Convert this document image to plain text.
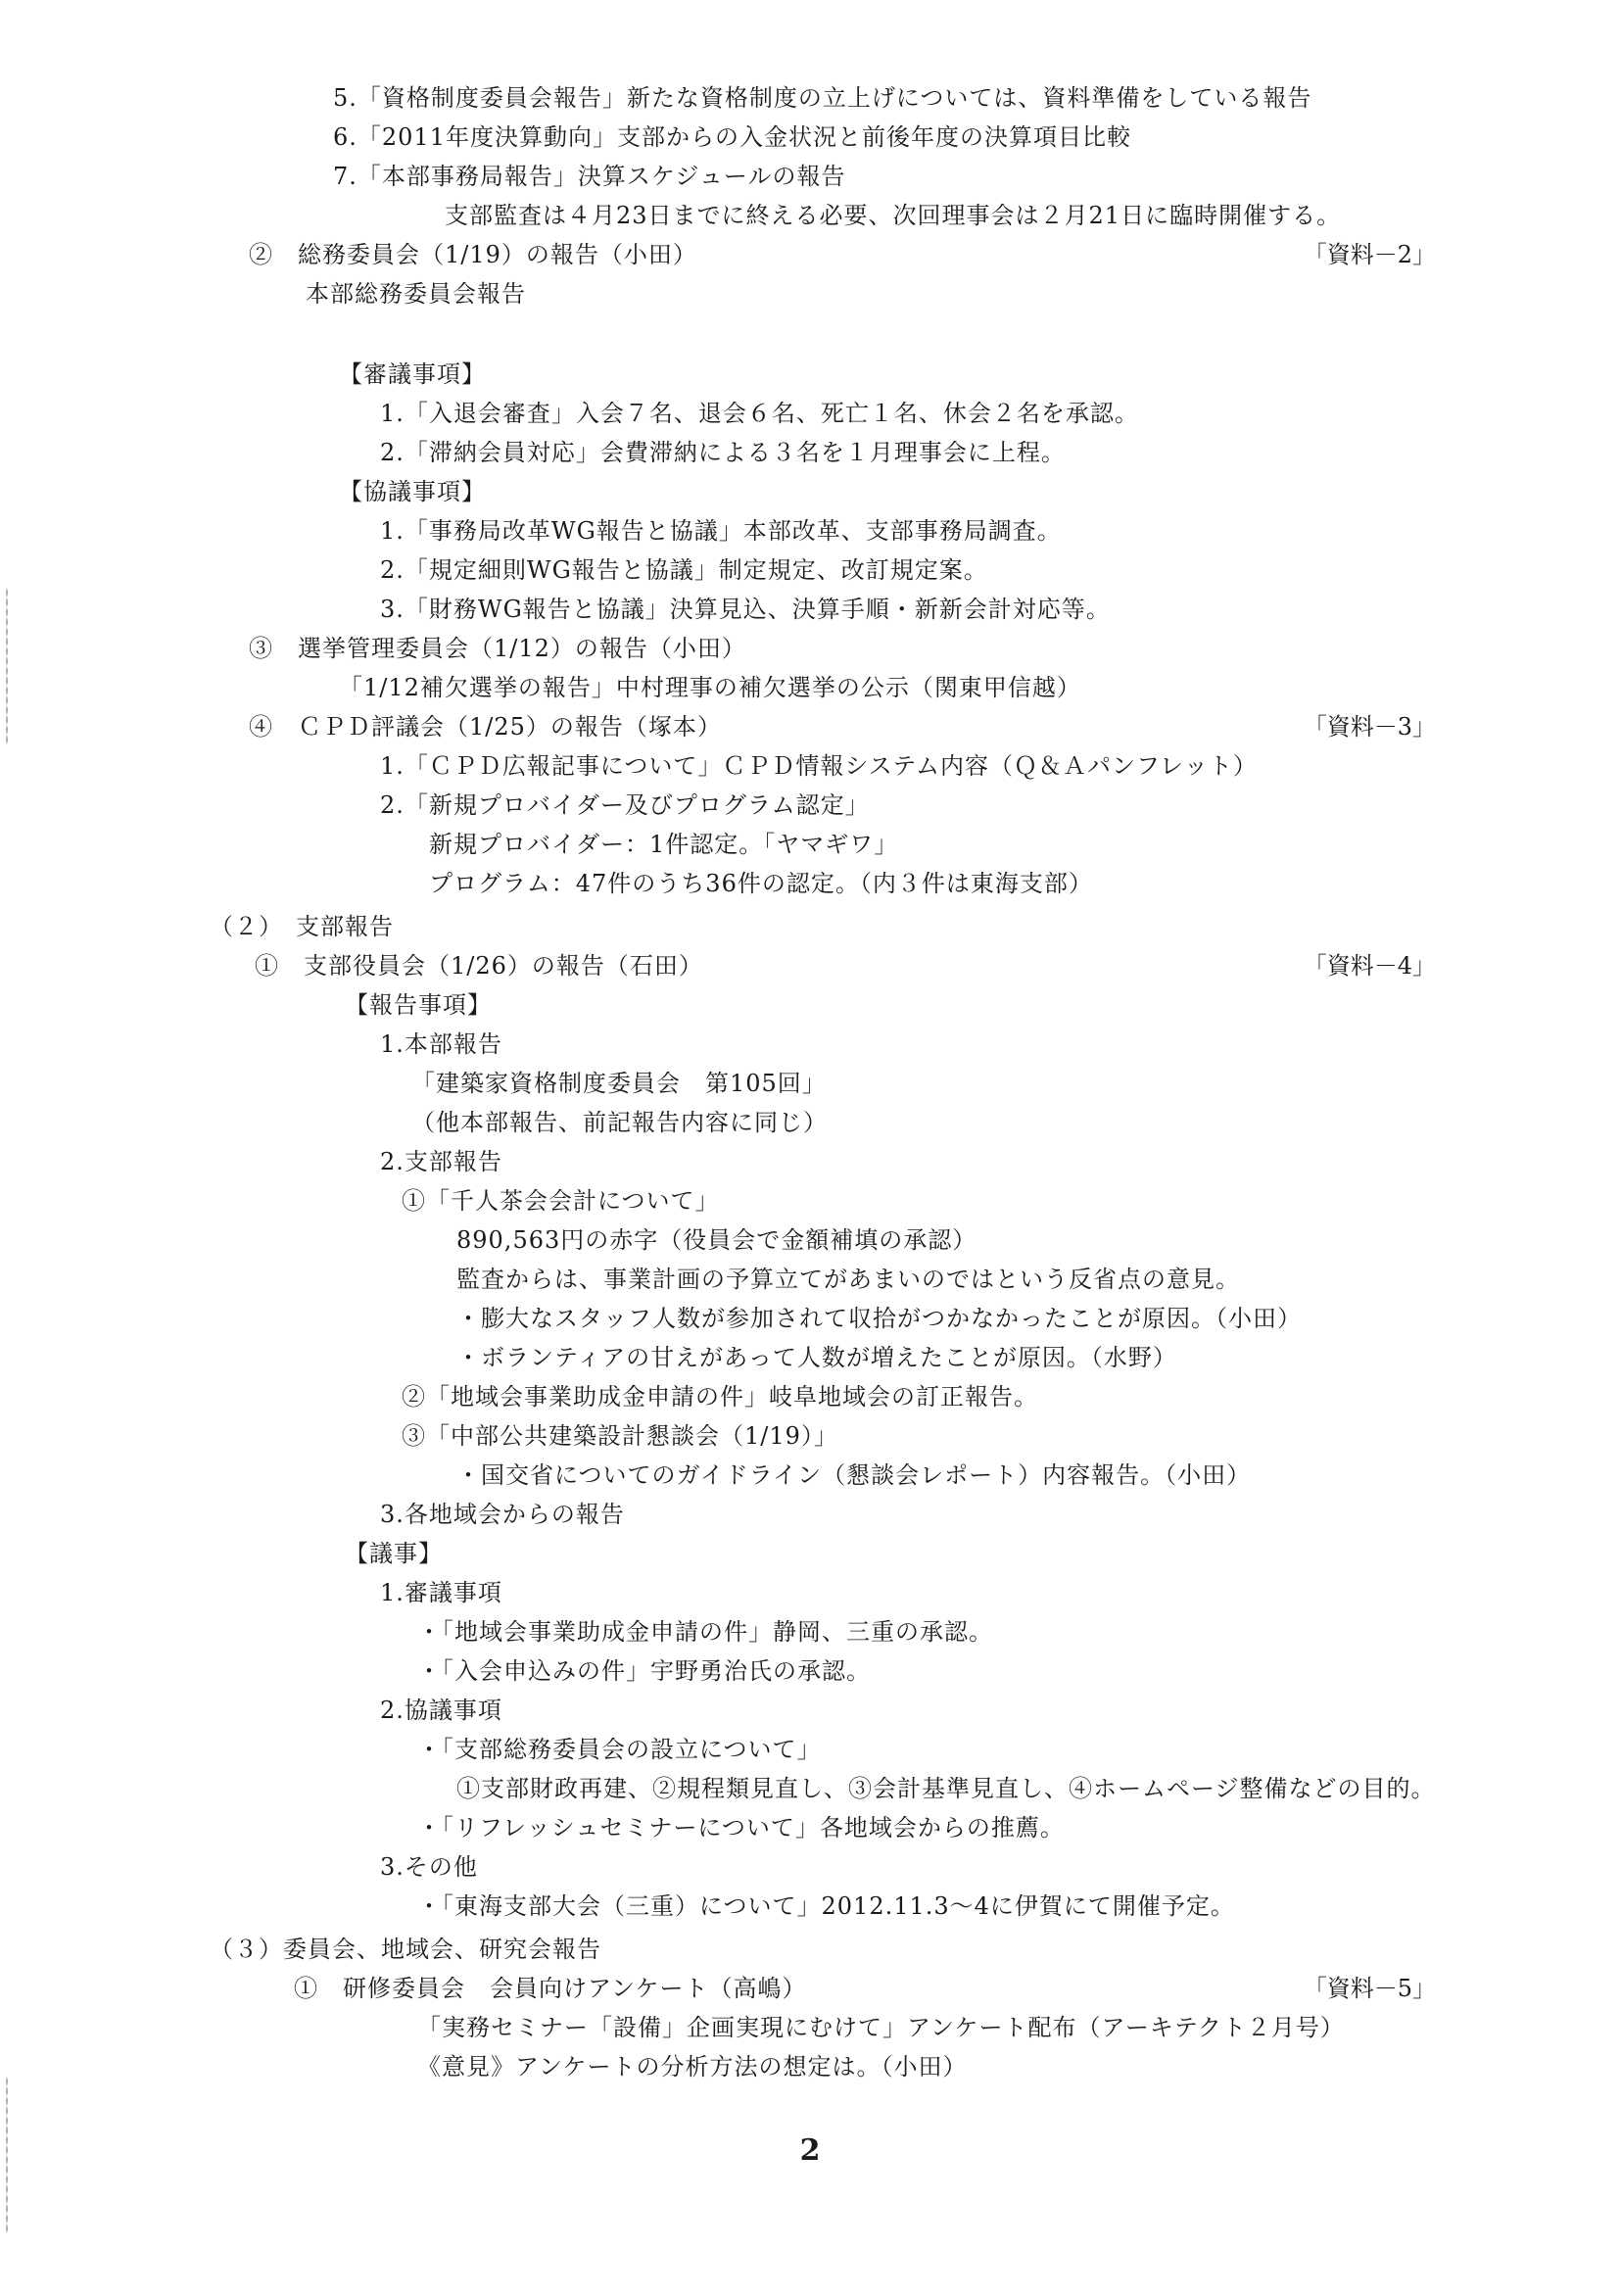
5.「資格制度委員会報告」新たな資格制度の立上げについては、資料準備をしている報告
6.「2011年度決算動向」支部からの入金状況と前後年度の決算項目比較
7.「本部事務局報告」決算スケジュールの報告
支部監査は４月23日までに終える必要、次回理事会は２月21日に臨時開催する。
②　総務委員会（1/19）の報告（小田）	「資料－2」
本部総務委員会報告
【審議事項】
1.「入退会審査」入会７名、退会６名、死亡１名、休会２名を承認。
2.「滞納会員対応」会費滞納による３名を１月理事会に上程。
【協議事項】
1.「事務局改革WG報告と協議」本部改革、支部事務局調査。
2.「規定細則WG報告と協議」制定規定、改訂規定案。
3.「財務WG報告と協議」決算見込、決算手順・新新会計対応等。
③　選挙管理委員会（1/12）の報告（小田）
「1/12補欠選挙の報告」中村理事の補欠選挙の公示（関東甲信越）
④　ＣＰＤ評議会（1/25）の報告（塚本）	「資料－3」
1.「ＣＰＤ広報記事について」ＣＰＤ情報システム内容（Ｑ＆Ａパンフレット）
2.「新規プロバイダー及びプログラム認定」
新規プロバイダー：1件認定。「ヤマギワ」
プログラム：47件のうち36件の認定。（内３件は東海支部）
（２）　支部報告
①　支部役員会（1/26）の報告（石田）	「資料－4」
【報告事項】
1.本部報告
「建築家資格制度委員会　第105回」
（他本部報告、前記報告内容に同じ）
2.支部報告
①「千人茶会会計について」
890,563円の赤字（役員会で金額補填の承認）
監査からは、事業計画の予算立てがあまいのではという反省点の意見。
・膨大なスタッフ人数が参加されて収拾がつかなかったことが原因。（小田）
・ボランティアの甘えがあって人数が増えたことが原因。（水野）
②「地域会事業助成金申請の件」岐阜地域会の訂正報告。
③「中部公共建築設計懇談会（1/19）」
・国交省についてのガイドライン（懇談会レポート）内容報告。（小田）
3.各地域会からの報告
【議事】
1.審議事項
・「地域会事業助成金申請の件」静岡、三重の承認。
・「入会申込みの件」宇野勇治氏の承認。
2.協議事項
・「支部総務委員会の設立について」
①支部財政再建、②規程類見直し、③会計基準見直し、④ホームページ整備などの目的。
・「リフレッシュセミナーについて」各地域会からの推薦。
3.その他
・「東海支部大会（三重）について」2012.11.3～4に伊賀にて開催予定。
（３）委員会、地域会、研究会報告
①　研修委員会　会員向けアンケート（高嶋）	「資料－5」
「実務セミナー「設備」企画実現にむけて」アンケート配布（アーキテクト２月号）
《意見》アンケートの分析方法の想定は。（小田）
2
